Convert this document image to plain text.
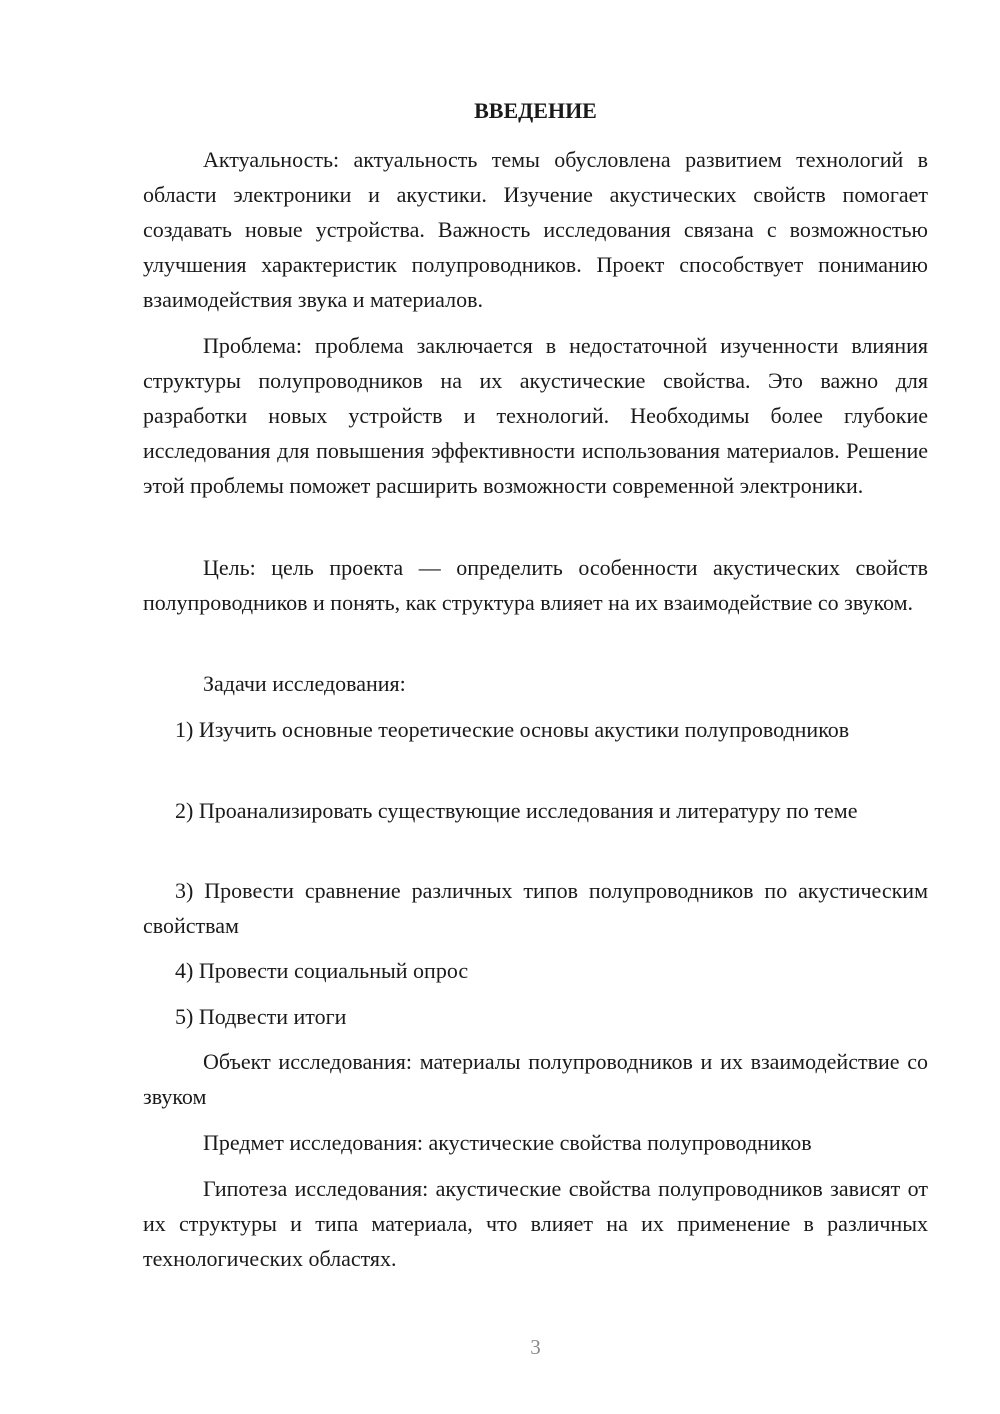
ВВЕДЕНИЕ

Актуальность: актуальность темы обусловлена развитием технологий в области электроники и акустики. Изучение акустических свойств помогает создавать новые устройства. Важность исследования связана с возможностью улучшения характеристик полупроводников. Проект способствует пониманию взаимодействия звука и материалов.

Проблема: проблема заключается в недостаточной изученности влияния структуры полупроводников на их акустические свойства. Это важно для разработки новых устройств и технологий. Необходимы более глубокие исследования для повышения эффективности использования материалов. Решение этой проблемы поможет расширить возможности современной электроники.

Цель: цель проекта — определить особенности акустических свойств полупроводников и понять, как структура влияет на их взаимодействие со звуком.

Задачи исследования:

1) Изучить основные теоретические основы акустики полупроводников

2) Проанализировать существующие исследования и литературу по теме

3) Провести сравнение различных типов полупроводников по акустическим свойствам

4) Провести социальный опрос

5) Подвести итоги

Объект исследования: материалы полупроводников и их взаимодействие со звуком

Предмет исследования: акустические свойства полупроводников

Гипотеза исследования: акустические свойства полупроводников зависят от их структуры и типа материала, что влияет на их применение в различных технологических областях.

3
